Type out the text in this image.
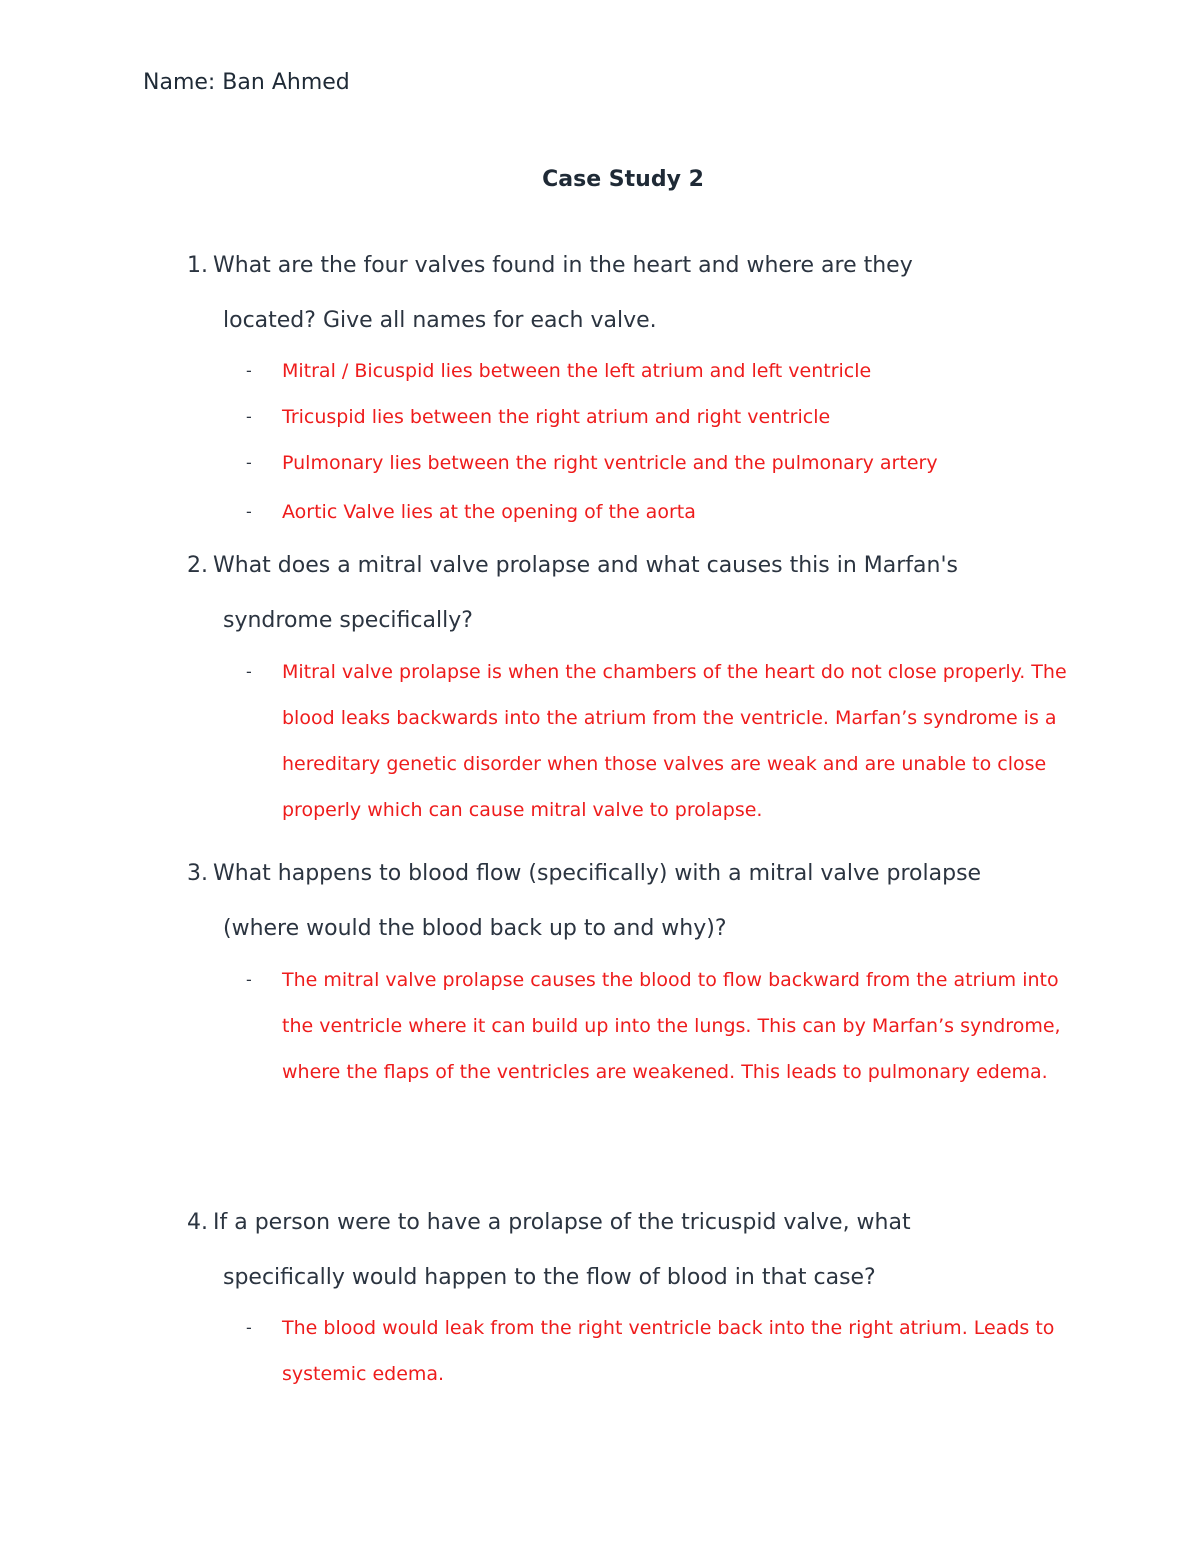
Name: Ban Ahmed
Case Study 2
1. What are the four valves found in the heart and where are they
located? Give all names for each valve.
- Mitral / Bicuspid lies between the left atrium and left ventricle
- Tricuspid lies between the right atrium and right ventricle
- Pulmonary lies between the right ventricle and the pulmonary artery
- Aortic Valve lies at the opening of the aorta
2. What does a mitral valve prolapse and what causes this in Marfan's
syndrome specifically?
- Mitral valve prolapse is when the chambers of the heart do not close properly. The blood leaks backwards into the atrium from the ventricle. Marfan’s syndrome is a hereditary genetic disorder when those valves are weak and are unable to close properly which can cause mitral valve to prolapse.
3. What happens to blood flow (specifically) with a mitral valve prolapse
(where would the blood back up to and why)?
- The mitral valve prolapse causes the blood to flow backward from the atrium into the ventricle where it can build up into the lungs. This can by Marfan’s syndrome, where the flaps of the ventricles are weakened. This leads to pulmonary edema.
4. If a person were to have a prolapse of the tricuspid valve, what
specifically would happen to the flow of blood in that case?
- The blood would leak from the right ventricle back into the right atrium. Leads to systemic edema.
